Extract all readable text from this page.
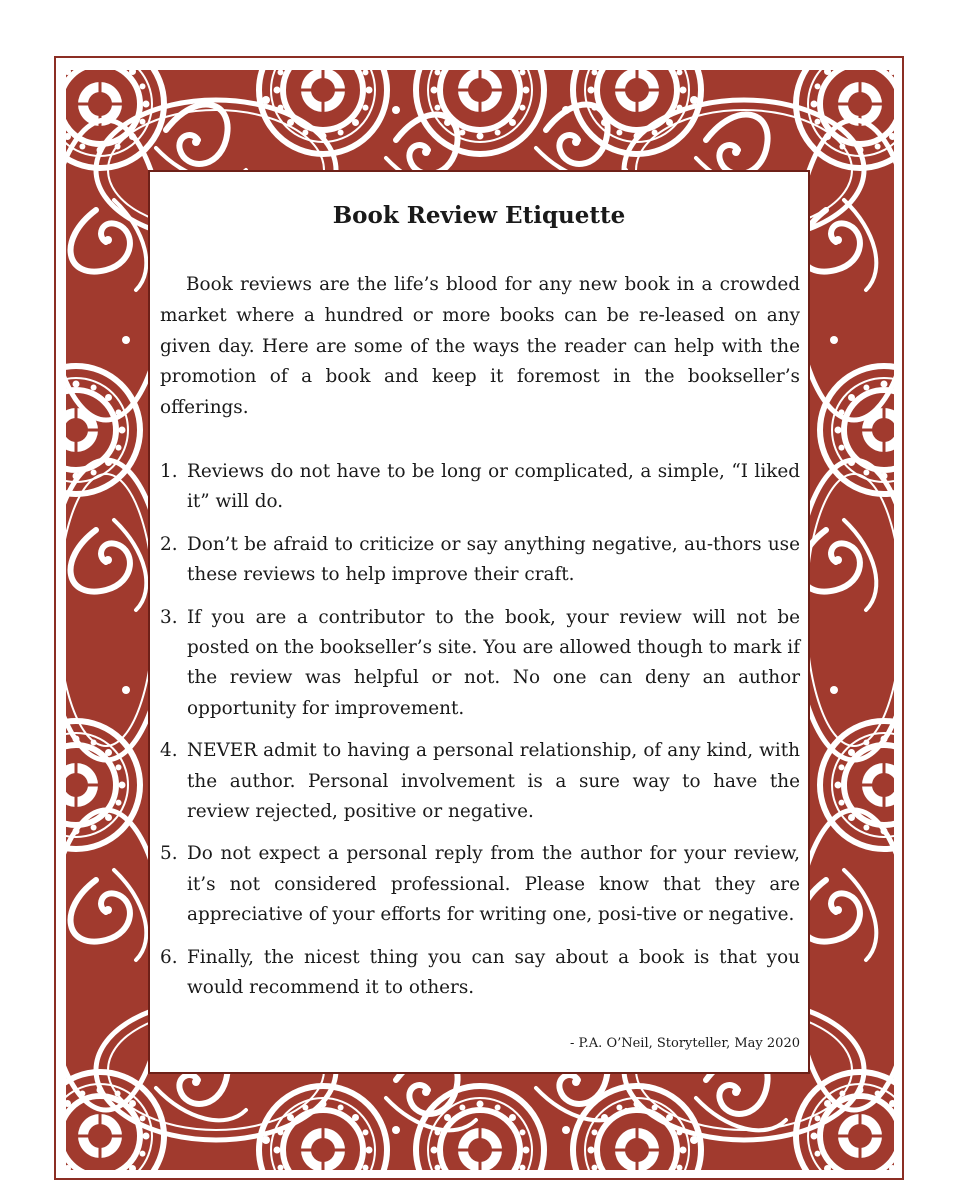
Book Review Etiquette

Book reviews are the life’s blood for any new book in a crowded market where a hundred or more books can be re-leased on any given day. Here are some of the ways the reader can help with the promotion of a book and keep it foremost in the bookseller’s offerings.

1. Reviews do not have to be long or complicated, a simple, “I liked it” will do.
2. Don’t be afraid to criticize or say anything negative, au-thors use these reviews to help improve their craft.
3. If you are a contributor to the book, your review will not be posted on the bookseller’s site. You are allowed though to mark if the review was helpful or not. No one can deny an author opportunity for improvement.
4. NEVER admit to having a personal relationship, of any kind, with the author. Personal involvement is a sure way to have the review rejected, positive or negative.
5. Do not expect a personal reply from the author for your review, it’s not considered professional. Please know that they are appreciative of your efforts for writing one, posi-tive or negative.
6. Finally, the nicest thing you can say about a book is that you would recommend it to others.

- P.A. O’Neil, Storyteller, May 2020
